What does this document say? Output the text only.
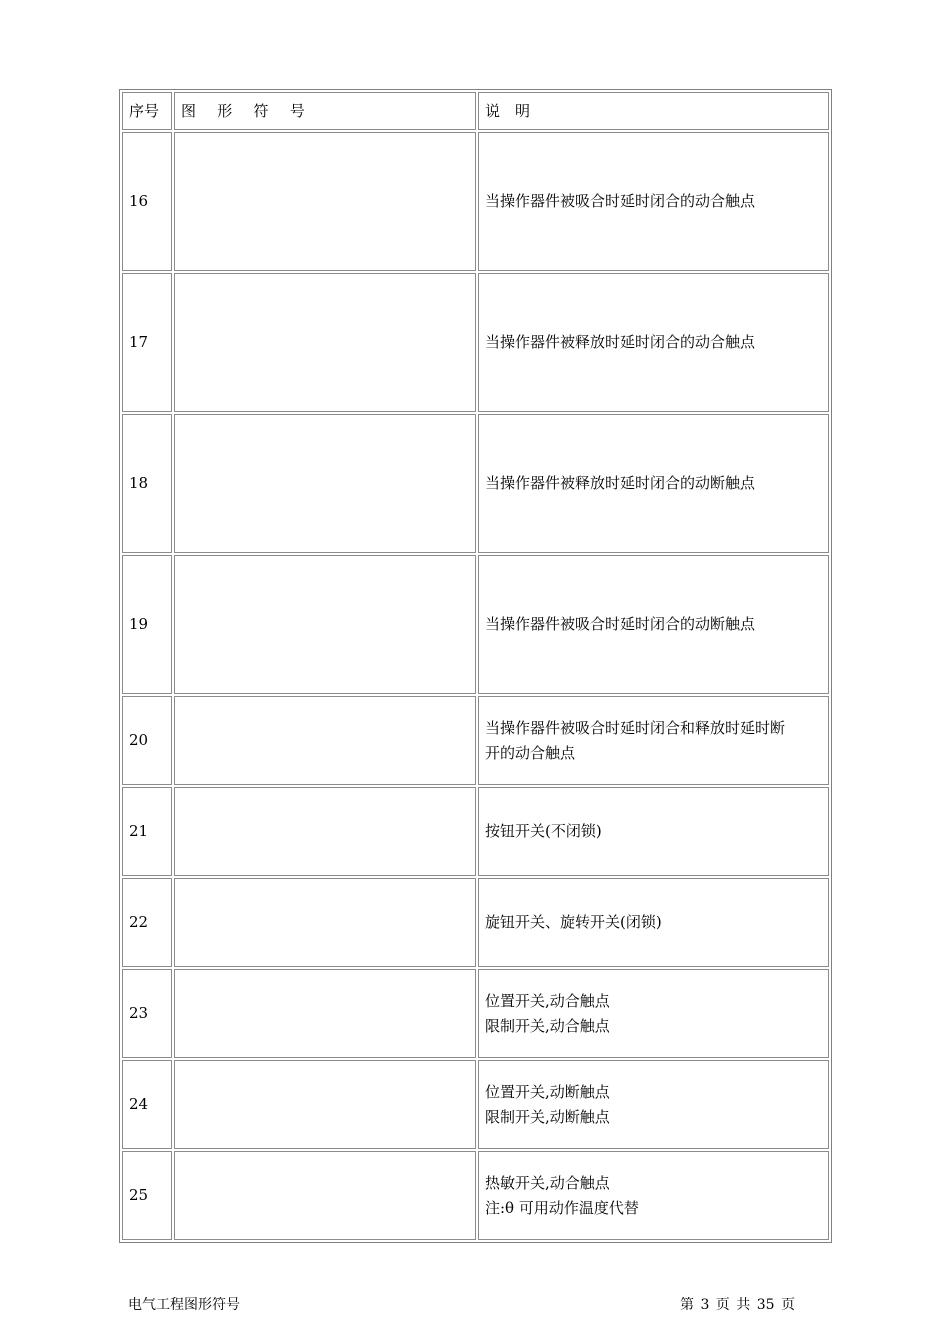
序号	图 形 符 号	说　明
16		当操作器件被吸合时延时闭合的动合触点

17		当操作器件被释放时延时闭合的动合触点

18		当操作器件被释放时延时闭合的动断触点

19		当操作器件被吸合时延时闭合的动断触点

20		当操作器件被吸合时延时闭合和释放时延时断
开的动合触点

21		按钮开关(不闭锁)

22		旋钮开关、旋转开关(闭锁)

23		位置开关,动合触点
限制开关,动合触点

24		位置开关,动断触点
限制开关,动断触点

25		热敏开关,动合触点
注:θ 可用动作温度代替
电气工程图形符号	第 3 页 共 35 页
